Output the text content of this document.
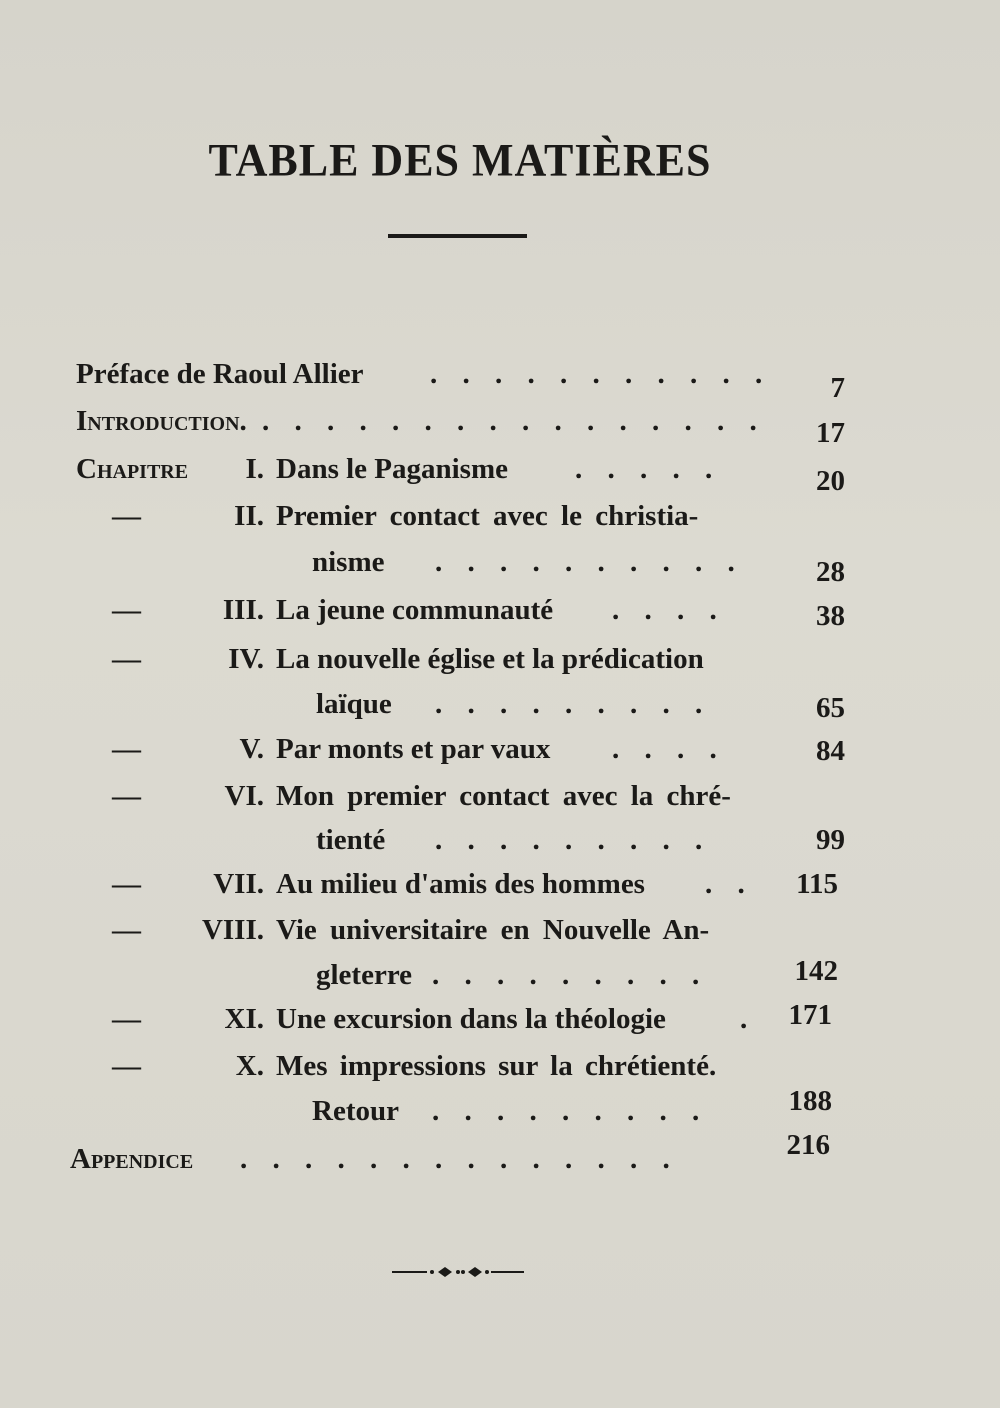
TABLE DES MATIÈRES
Préface de Raoul Allier . . . . . . . . . . . 7
Introduction. . . . . . . . . . . . . . . . . 17
Chapitre I. Dans le Paganisme . . . . .	20
—	II. Premier contact avec le christia-
nisme . . . . . . . . . . 28
—	III. La jeune communauté . . . .	38
—	IV. La nouvelle église et la prédication
laïque . . . . . . . . .	65
—	V. Par monts et par vaux . . . .	84
—	VI. Mon premier contact avec la chré-
tienté . . . . . . . . .	99
— VII. Au milieu d'amis des hommes . . 115
— VIII. Vie universitaire en Nouvelle An-
gleterre . . . . . . . . .	142
—	XI. Une excursion dans la théologie	. 171
—	X. Mes impressions sur la chrétienté.
Retour . . . . . . . . .	188
Appendice . . . . . . . . . . . . . .	216
